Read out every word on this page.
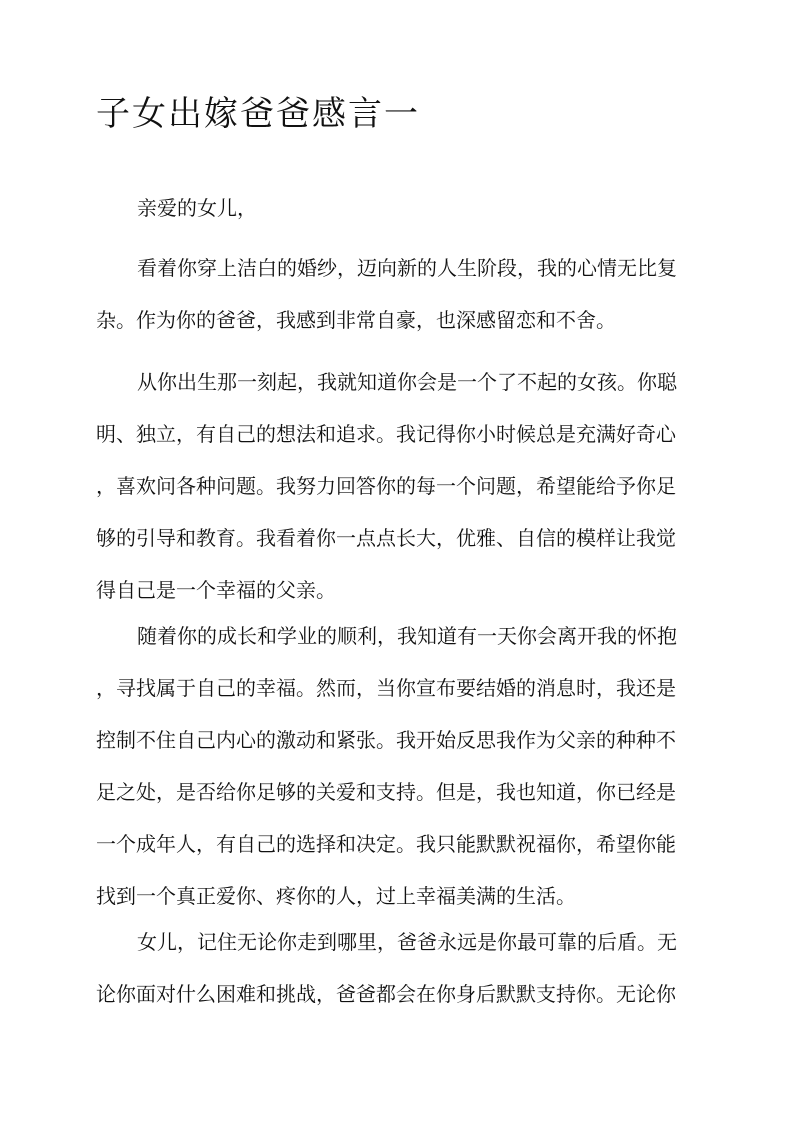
子女出嫁爸爸感言一

亲爱的女儿，

看着你穿上洁白的婚纱，迈向新的人生阶段，我的心情无比复
杂。作为你的爸爸，我感到非常自豪，也深感留恋和不舍。

从你出生那一刻起，我就知道你会是一个了不起的女孩。你聪
明、独立，有自己的想法和追求。我记得你小时候总是充满好奇心
，喜欢问各种问题。我努力回答你的每一个问题，希望能给予你足
够的引导和教育。我看着你一点点长大，优雅、自信的模样让我觉
得自己是一个幸福的父亲。

随着你的成长和学业的顺利，我知道有一天你会离开我的怀抱
，寻找属于自己的幸福。然而，当你宣布要结婚的消息时，我还是
控制不住自己内心的激动和紧张。我开始反思我作为父亲的种种不
足之处，是否给你足够的关爱和支持。但是，我也知道，你已经是
一个成年人，有自己的选择和决定。我只能默默祝福你，希望你能
找到一个真正爱你、疼你的人，过上幸福美满的生活。

女儿，记住无论你走到哪里，爸爸永远是你最可靠的后盾。无
论你面对什么困难和挑战，爸爸都会在你身后默默支持你。无论你
